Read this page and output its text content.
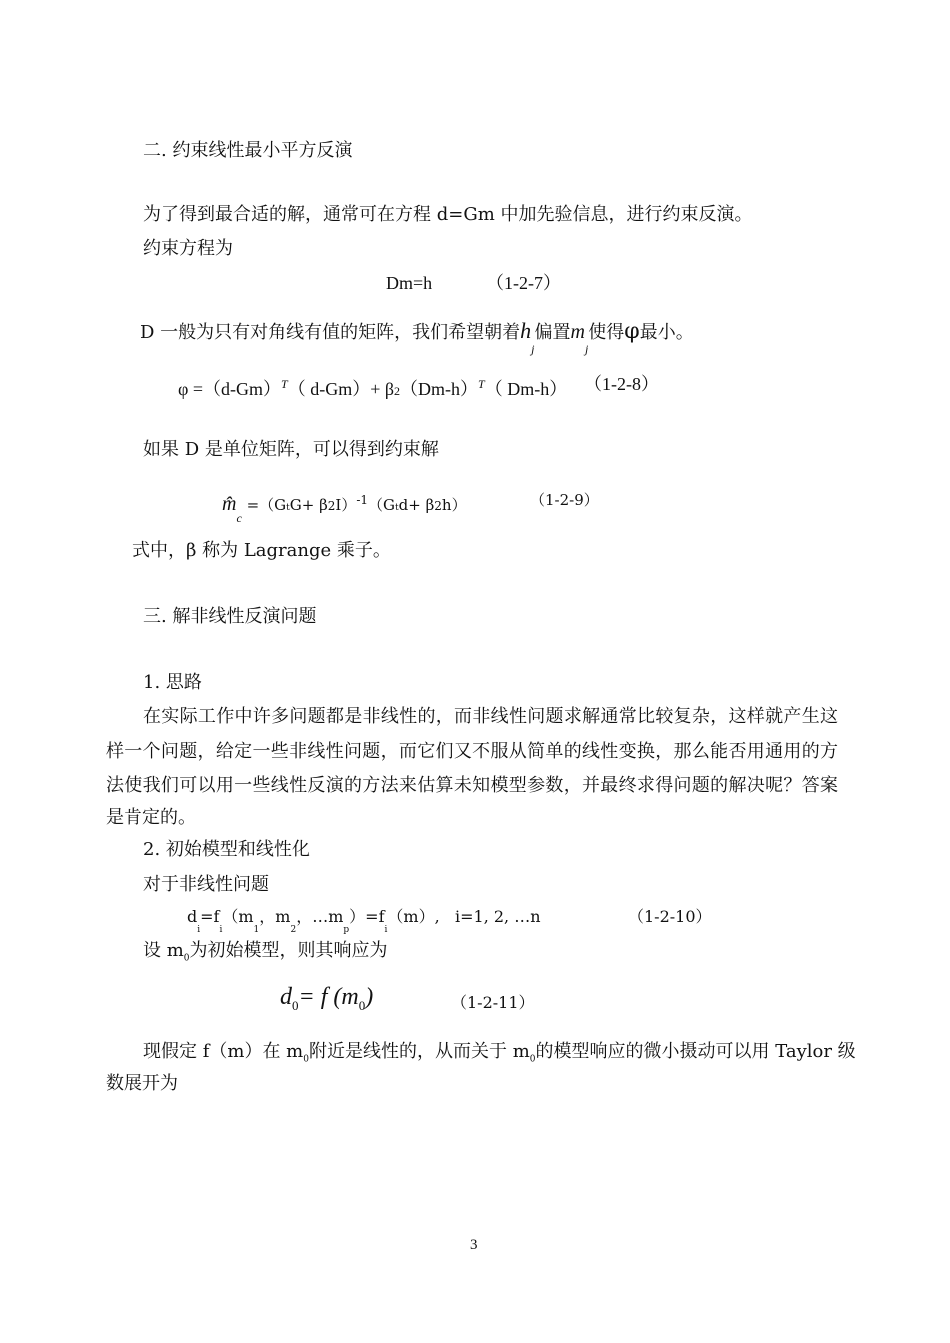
二. 约束线性最小平方反演
为了得到最合适的解，通常可在方程 d=Gm 中加先验信息，进行约束反演。
约束方程为
Dm=h	（1-2-7）
D 一般为只有对角线有值的矩阵，我们希望朝着$h_j$偏置$m_j$使得φ最小。
$\varphi =(d-Gm)^T$（ $d-Gm)+ \beta 2(Dm-h)^T$（ Dm-h） （1-2-8）
如果 D 是单位矩阵，可以得到约束解
$m̂_c =(GtG+ \beta 2I)^{-1}(Gtd+ \beta 2h)$	（1-2-9）
式中，β 称为 Lagrange 乘子。
三. 解非线性反演问题
1. 思路
在实际工作中许多问题都是非线性的，而非线性问题求解通常比较复杂，这样就产生这
样一个问题，给定一些非线性问题，而它们又不服从简单的线性变换，那么能否用通用的方
法使我们可以用一些线性反演的方法来估算未知模型参数，并最终求得问题的解决呢？答案
是肯定的。
2. 初始模型和线性化
对于非线性问题
$d_i=f_i(m_1$，$m_2$，$\dots m_p)=f_i(m)$, i=1, 2, …n	（1-2-10）
设 $m_0$为初始模型，则其响应为
$d_0= f$ $(m_0)$	（1-2-11）
现假定 f（m）在 $m_0$附近是线性的，从而关于 $m_0$的模型响应的微小摄动可以用 Taylor 级
数展开为
3
